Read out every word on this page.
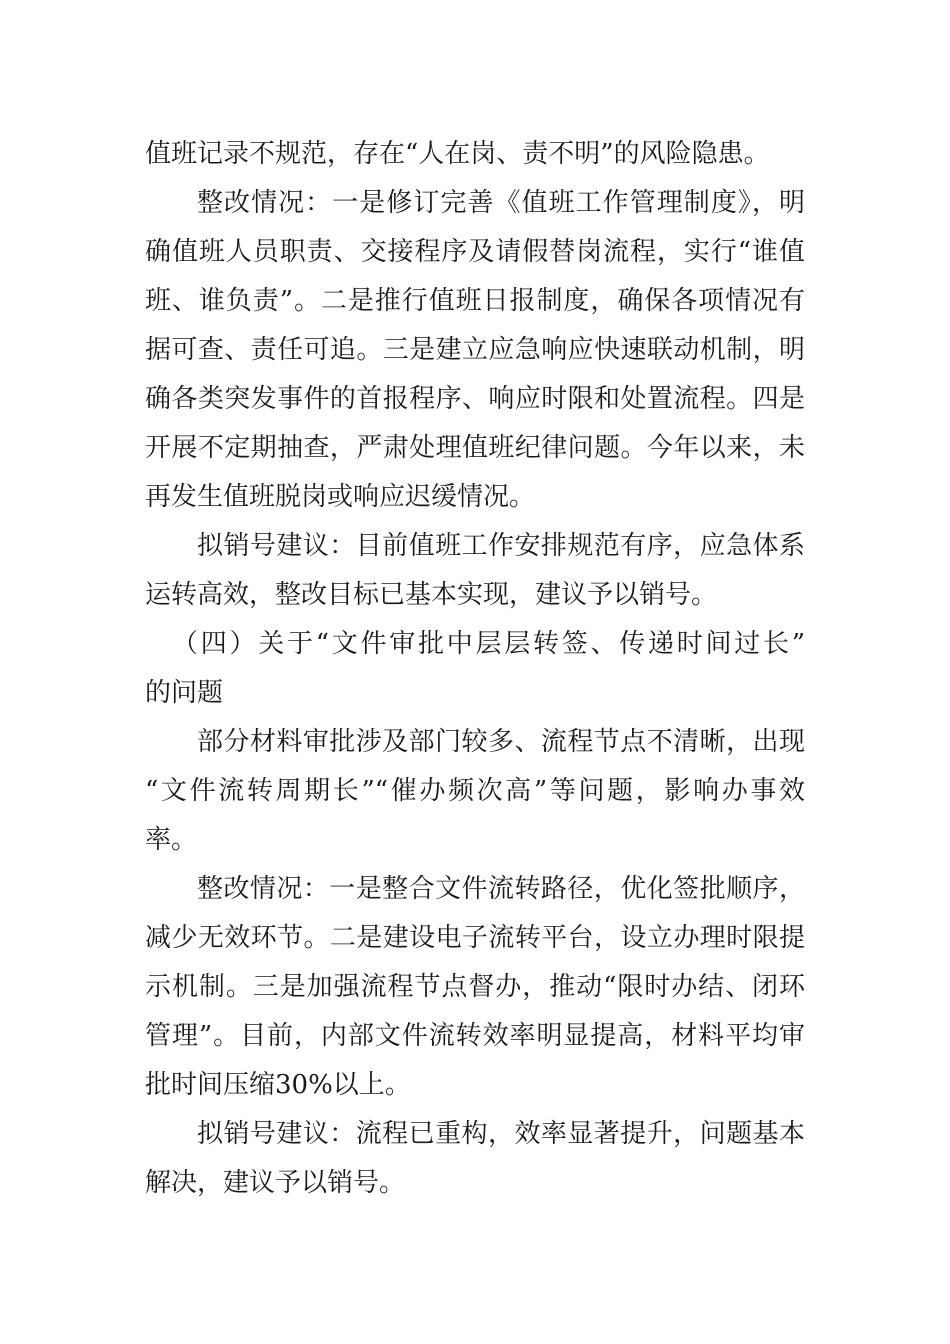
值班记录不规范，存在“人在岗、责不明”的风险隐患。
整改情况：一是修订完善《值班工作管理制度》，明
确值班人员职责、交接程序及请假替岗流程，实行“谁值
班、谁负责”。二是推行值班日报制度，确保各项情况有
据可查、责任可追。三是建立应急响应快速联动机制，明
确各类突发事件的首报程序、响应时限和处置流程。四是
开展不定期抽查，严肃处理值班纪律问题。今年以来，未
再发生值班脱岗或响应迟缓情况。
拟销号建议：目前值班工作安排规范有序，应急体系
运转高效，整改目标已基本实现，建议予以销号。
（四）关于“文件审批中层层转签、传递时间过长”
的问题
部分材料审批涉及部门较多、流程节点不清晰，出现
“文件流转周期长”“催办频次高”等问题，影响办事效
率。
整改情况：一是整合文件流转路径，优化签批顺序，
减少无效环节。二是建设电子流转平台，设立办理时限提
示机制。三是加强流程节点督办，推动“限时办结、闭环
管理”。目前，内部文件流转效率明显提高，材料平均审
批时间压缩30%以上。
拟销号建议：流程已重构，效率显著提升，问题基本
解决，建议予以销号。
